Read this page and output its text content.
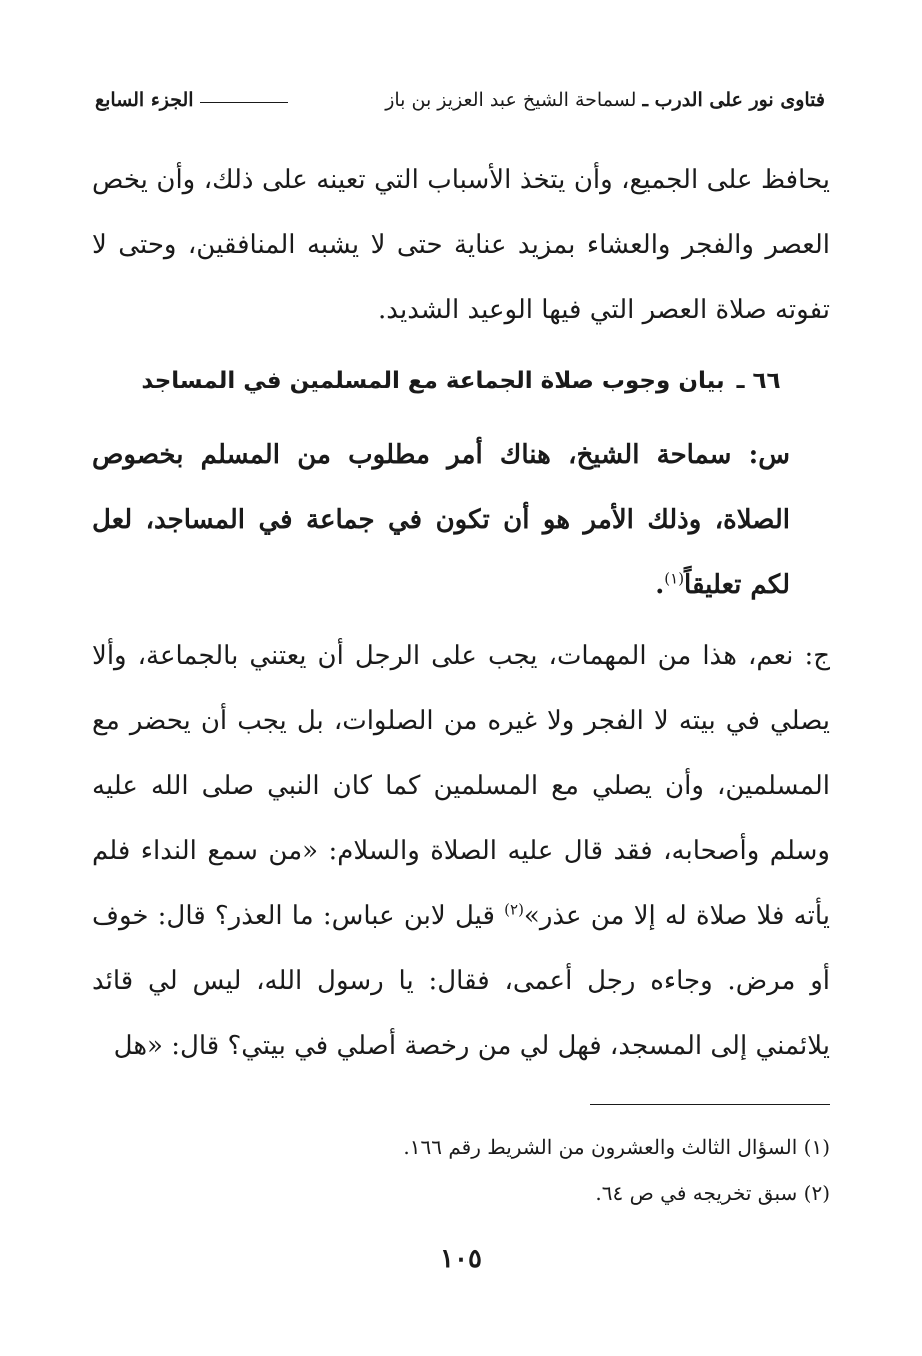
فتاوى نور على الدرب ـ لسماحة الشيخ عبد العزيز بن باز
الجزء السابع

يحافظ على الجميع، وأن يتخذ الأسباب التي تعينه على ذلك، وأن يخص العصر والفجر والعشاء بمزيد عناية حتى لا يشبه المنافقين، وحتى لا تفوته صلاة العصر التي فيها الوعيد الشديد.

٦٦ ـ بيان وجوب صلاة الجماعة مع المسلمين في المساجد

س: سماحة الشيخ، هناك أمر مطلوب من المسلم بخصوص الصلاة، وذلك الأمر هو أن تكون في جماعة في المساجد، لعل لكم تعليقاً$^{(١)}$.

ج: نعم، هذا من المهمات، يجب على الرجل أن يعتني بالجماعة، وألا يصلي في بيته لا الفجر ولا غيره من الصلوات، بل يجب أن يحضر مع المسلمين، وأن يصلي مع المسلمين كما كان النبي صلى الله عليه وسلم وأصحابه، فقد قال عليه الصلاة والسلام: «من سمع النداء فلم يأته فلا صلاة له إلا من عذر»$^{(٢)}$ قيل لابن عباس: ما العذر؟ قال: خوف أو مرض. وجاءه رجل أعمى، فقال: يا رسول الله، ليس لي قائد يلائمني إلى المسجد، فهل لي من رخصة أصلي في بيتي؟ قال: «هل

(١) السؤال الثالث والعشرون من الشريط رقم ١٦٦.

(٢) سبق تخريجه في ص ٦٤.

١٠٥
